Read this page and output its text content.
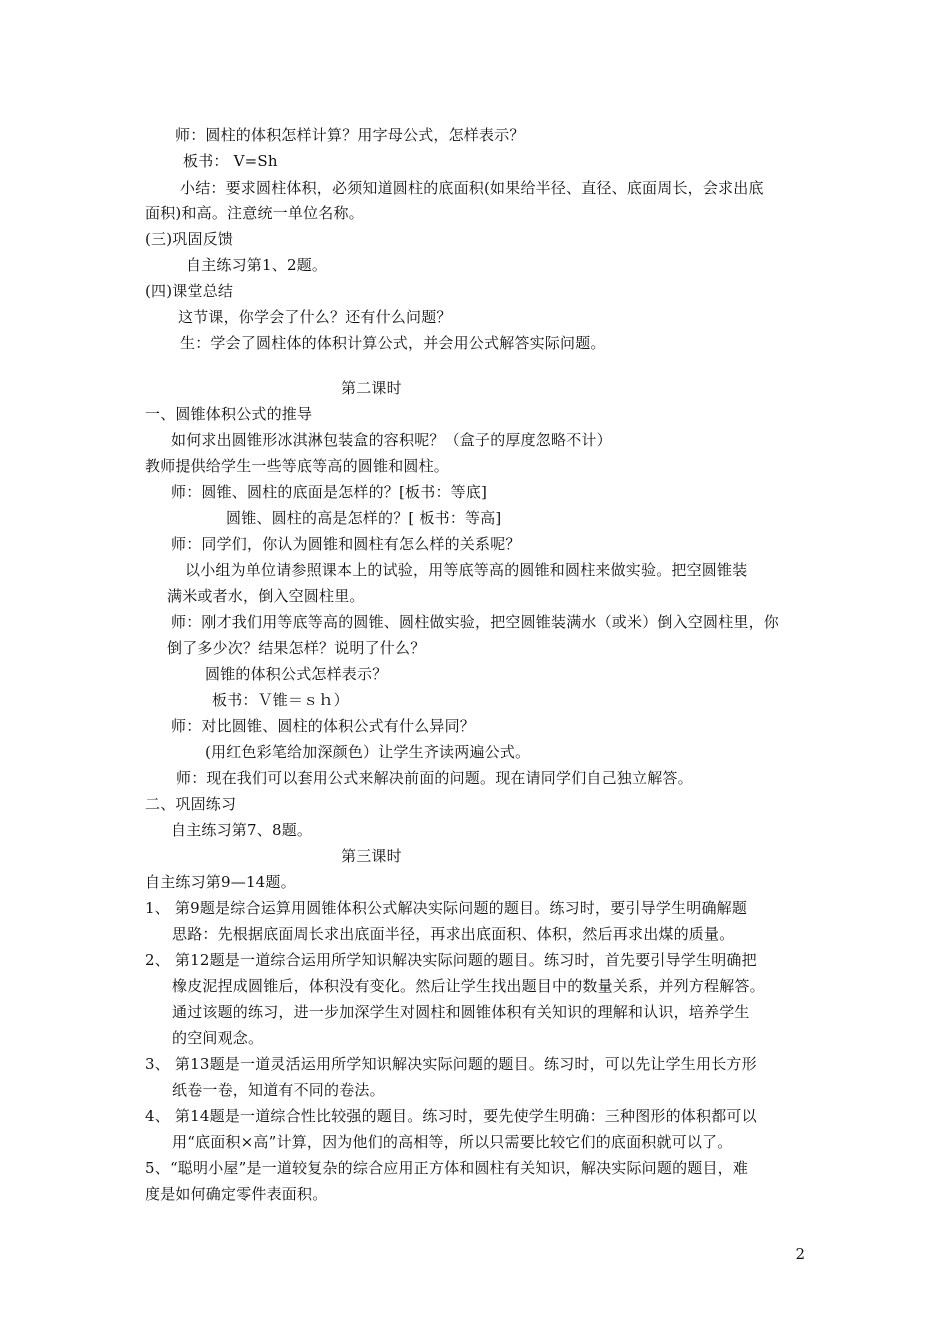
师：圆柱的体积怎样计算？用字母公式，怎样表示？
板书： V=Sh
小结：要求圆柱体积，必须知道圆柱的底面积(如果给半径、直径、底面周长，会求出底
面积)和高。注意统一单位名称。
(三)巩固反馈
自主练习第1、2题。
(四)课堂总结
这节课，你学会了什么？还有什么问题？
生：学会了圆柱体的体积计算公式，并会用公式解答实际问题。
第二课时
一、圆锥体积公式的推导
如何求出圆锥形冰淇淋包装盒的容积呢？（盒子的厚度忽略不计）
教师提供给学生一些等底等高的圆锥和圆柱。
师：圆锥、圆柱的底面是怎样的？[板书：等底]
圆锥、圆柱的高是怎样的？[ 板书：等高]
师：同学们，你认为圆锥和圆柱有怎么样的关系呢？
以小组为单位请参照课本上的试验，用等底等高的圆锥和圆柱来做实验。把空圆锥装
满米或者水，倒入空圆柱里。
师：刚才我们用等底等高的圆锥、圆柱做实验，把空圆锥装满水（或米）倒入空圆柱里，你
倒了多少次？结果怎样？说明了什么？
圆锥的体积公式怎样表示？
板书：Ｖ锥＝ｓｈ）
师：对比圆锥、圆柱的体积公式有什么异同？
(用红色彩笔给加深颜色）让学生齐读两遍公式。
师：现在我们可以套用公式来解决前面的问题。现在请同学们自己独立解答。
二、巩固练习
自主练习第7、8题。
第三课时
自主练习第9—14题。
1、 第9题是综合运算用圆锥体积公式解决实际问题的题目。练习时，要引导学生明确解题
思路：先根据底面周长求出底面半径，再求出底面积、体积，然后再求出煤的质量。
2、 第12题是一道综合运用所学知识解决实际问题的题目。练习时，首先要引导学生明确把
橡皮泥捏成圆锥后，体积没有变化。然后让学生找出题目中的数量关系，并列方程解答。
通过该题的练习，进一步加深学生对圆柱和圆锥体积有关知识的理解和认识，培养学生
的空间观念。
3、 第13题是一道灵活运用所学知识解决实际问题的题目。练习时，可以先让学生用长方形
纸卷一卷，知道有不同的卷法。
4、 第14题是一道综合性比较强的题目。练习时，要先使学生明确：三种图形的体积都可以
用“底面积×高”计算，因为他们的高相等，所以只需要比较它们的底面积就可以了。
5、“聪明小屋”是一道较复杂的综合应用正方体和圆柱有关知识，解决实际问题的题目，难
度是如何确定零件表面积。
2
